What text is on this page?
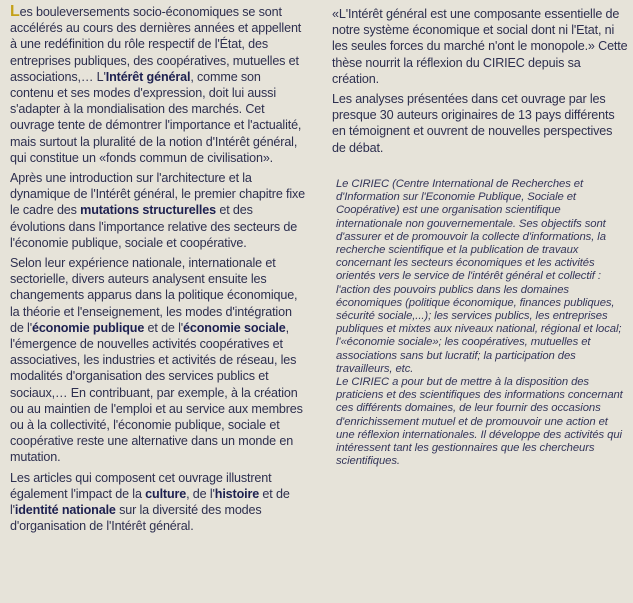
Les bouleversements socio-économiques se sont accélérés au cours des dernières années et appellent à une redéfinition du rôle respectif de l'État, des entreprises publiques, des coopératives, mutuelles et associations,… L'Intérêt général, comme son contenu et ses modes d'expression, doit lui aussi s'adapter à la mondialisation des marchés. Cet ouvrage tente de démontrer l'importance et l'actualité, mais surtout la pluralité de la notion d'Intérêt général, qui constitue un «fonds commun de civilisation».

Après une introduction sur l'architecture et la dynamique de l'Intérêt général, le premier chapitre fixe le cadre des mutations structurelles et des évolutions dans l'importance relative des secteurs de l'économie publique, sociale et coopérative.

Selon leur expérience nationale, internationale et sectorielle, divers auteurs analysent ensuite les changements apparus dans la politique économique, la théorie et l'enseignement, les modes d'intégration de l'économie publique et de l'économie sociale, l'émergence de nouvelles activités coopératives et associatives, les industries et activités de réseau, les modalités d'organisation des services publics et sociaux,… En contribuant, par exemple, à la création ou au maintien de l'emploi et au service aux membres ou à la collectivité, l'économie publique, sociale et coopérative reste une alternative dans un monde en mutation.

Les articles qui composent cet ouvrage illustrent également l'impact de la culture, de l'histoire et de l'identité nationale sur la diversité des modes d'organisation de l'Intérêt général.

«L'Intérêt général est une composante essentielle de notre système économique et social dont ni l'Etat, ni les seules forces du marché n'ont le monopole.» Cette thèse nourrit la réflexion du CIRIEC depuis sa création.

Les analyses présentées dans cet ouvrage par les presque 30 auteurs originaires de 13 pays différents en témoignent et ouvrent de nouvelles perspectives de débat.

Le CIRIEC (Centre International de Recherches et d'Information sur l'Economie Publique, Sociale et Coopérative) est une organisation scientifique internationale non gouvernementale. Ses objectifs sont d'assurer et de promouvoir la collecte d'informations, la recherche scientifique et la publication de travaux concernant les secteurs économiques et les activités orientés vers le service de l'intérêt général et collectif : l'action des pouvoirs publics dans les domaines économiques (politique économique, finances publiques, sécurité sociale,...); les services publics, les entreprises publiques et mixtes aux niveaux national, régional et local; l'«économie sociale»; les coopératives, mutuelles et associations sans but lucratif; la participation des travailleurs, etc.

Le CIRIEC a pour but de mettre à la disposition des praticiens et des scientifiques des informations concernant ces différents domaines, de leur fournir des occasions d'enrichissement mutuel et de promouvoir une action et une réflexion internationales. Il développe des activités qui intéressent tant les gestionnaires que les chercheurs scientifiques.
